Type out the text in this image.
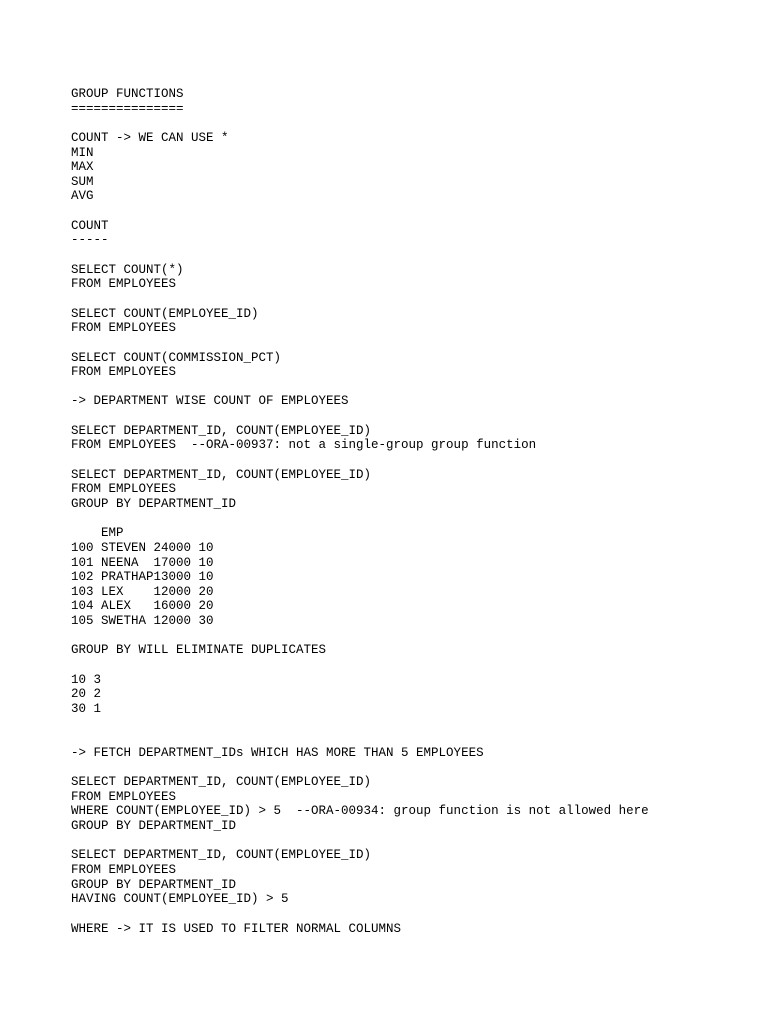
GROUP FUNCTIONS
===============
COUNT -> WE CAN USE *
MIN
MAX
SUM
AVG
COUNT
-----
SELECT COUNT(*)
FROM EMPLOYEES
SELECT COUNT(EMPLOYEE_ID)
FROM EMPLOYEES
SELECT COUNT(COMMISSION_PCT)
FROM EMPLOYEES
-> DEPARTMENT WISE COUNT OF EMPLOYEES
SELECT DEPARTMENT_ID, COUNT(EMPLOYEE_ID)
FROM EMPLOYEES  --ORA-00937: not a single-group group function
SELECT DEPARTMENT_ID, COUNT(EMPLOYEE_ID)
FROM EMPLOYEES
GROUP BY DEPARTMENT_ID
EMP
100 STEVEN 24000 10
101 NEENA  17000 10
102 PRATHAP13000 10
103 LEX    12000 20
104 ALEX   16000 20
105 SWETHA 12000 30
GROUP BY WILL ELIMINATE DUPLICATES
10 3
20 2
30 1
-> FETCH DEPARTMENT_IDs WHICH HAS MORE THAN 5 EMPLOYEES
SELECT DEPARTMENT_ID, COUNT(EMPLOYEE_ID)
FROM EMPLOYEES
WHERE COUNT(EMPLOYEE_ID) > 5  --ORA-00934: group function is not allowed here
GROUP BY DEPARTMENT_ID
SELECT DEPARTMENT_ID, COUNT(EMPLOYEE_ID)
FROM EMPLOYEES
GROUP BY DEPARTMENT_ID
HAVING COUNT(EMPLOYEE_ID) > 5
WHERE -> IT IS USED TO FILTER NORMAL COLUMNS
